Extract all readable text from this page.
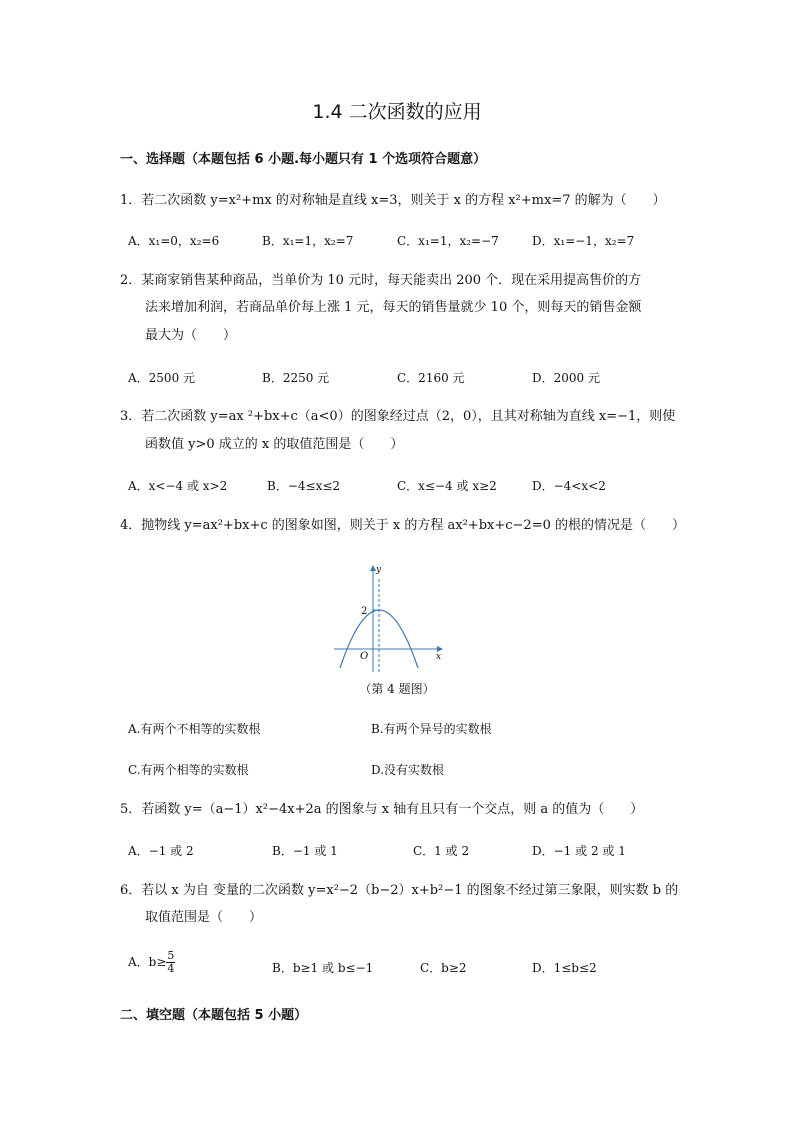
1.4 二次函数的应用
一、选择题（本题包括 6 小题.每小题只有 1 个选项符合题意）
1．若二次函数 y=x²+mx 的对称轴是直线 x=3，则关于 x 的方程 x²+mx=7 的解为（　　）
A．x₁=0，x₂=6	B．x₁=1，x₂=7	C．x₁=1，x₂=−7	D．x₁=−1，x₂=7
2．某商家销售某种商品，当单价为 10 元时，每天能卖出 200 个．现在采用提高售价的方
法来增加利润，若商品单价每上涨 1 元，每天的销售量就少 10 个，则每天的销售金额
最大为（　　）
A．2500 元	B．2250 元	C．2160 元	D．2000 元
3．若二次函数 y=ax ²+bx+c（a<0）的图象经过点（2，0），且其对称轴为直线 x=−1，则使
函数值 y>0 成立的 x 的取值范围是（　　）
A．x<−4 或 x>2	B．−4≤x≤2	C．x≤−4 或 x≥2	D．−4<x<2
4．抛物线 y=ax²+bx+c 的图象如图，则关于 x 的方程 ax²+bx+c−2=0 的根的情况是（　　）
y
x
O
2
（第 4 题图）
A.有两个不相等的实数根	B.有两个异号的实数根
C.有两个相等的实数根	D.没有实数根
5．若函数 y=（a−1）x²−4x+2a 的图象与 x 轴有且只有一个交点，则 a 的值为（　　）
A．−1 或 2	B．−1 或 1	C．1 或 2	D．−1 或 2 或 1
6．若以 x 为自 变量的二次函数 y=x²−2（b−2）x+b²−1 的图象不经过第三象限，则实数 b 的
取值范围是（　　）
A．$b\ge \frac{5}{4}$	B．b≥1 或 b≤−1	C．b≥2	D．1≤b≤2
二、填空题（本题包括 5 小题）
